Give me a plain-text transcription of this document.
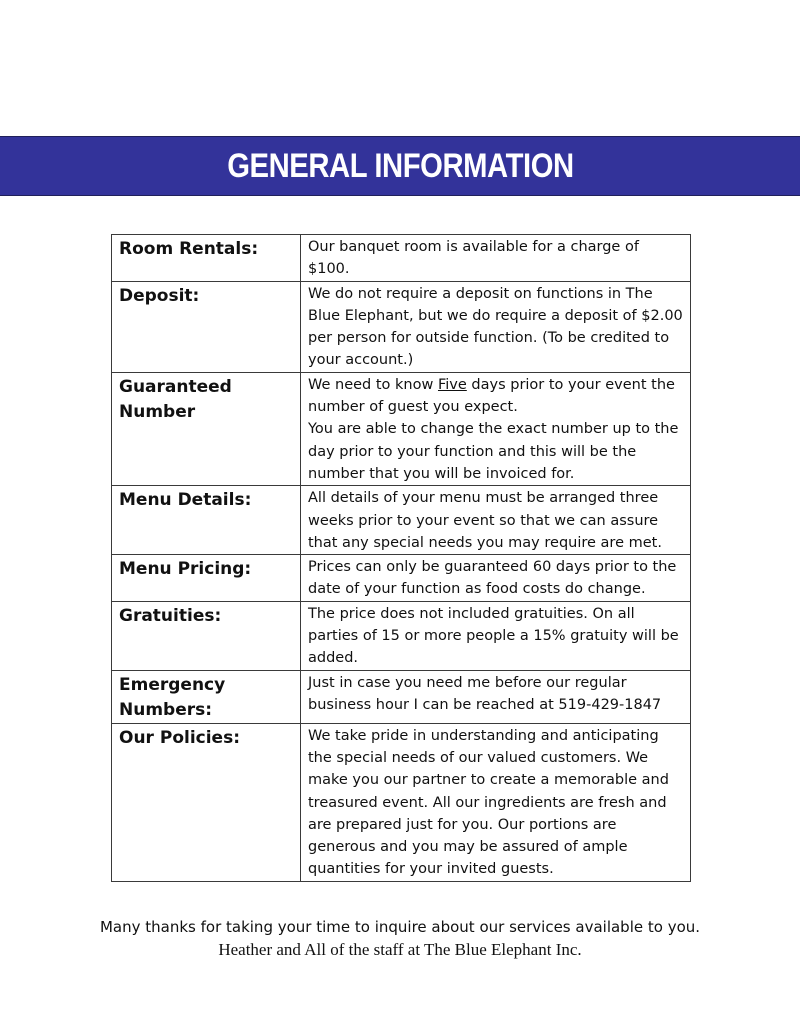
GENERAL INFORMATION
Room Rentals:	Our banquet room is available for a charge of $100.
Deposit:	We do not require a deposit on functions in The Blue Elephant, but we do require a deposit of $2.00 per person for outside function. (To be credited to your account.)
Guaranteed Number	We need to know Five days prior to your event the number of guest you expect.
You are able to change the exact number up to the day prior to your function and this will be the number that you will be invoiced for.
Menu Details:	All details of your menu must be arranged three weeks prior to your event so that we can assure that any special needs you may require are met.
Menu Pricing:	Prices can only be guaranteed 60 days prior to the date of your function as food costs do change.
Gratuities:	The price does not included gratuities. On all parties of 15 or more people a 15% gratuity will be added.
Emergency Numbers:	Just in case you need me before our regular business hour I can be reached at 519-429-1847
Our Policies:	We take pride in understanding and anticipating the special needs of our valued customers. We make you our partner to create a memorable and treasured event. All our ingredients are fresh and are prepared just for you. Our portions are generous and you may be assured of ample quantities for your invited guests.
Many thanks for taking your time to inquire about our services available to you.
Heather and All of the staff at The Blue Elephant Inc.
